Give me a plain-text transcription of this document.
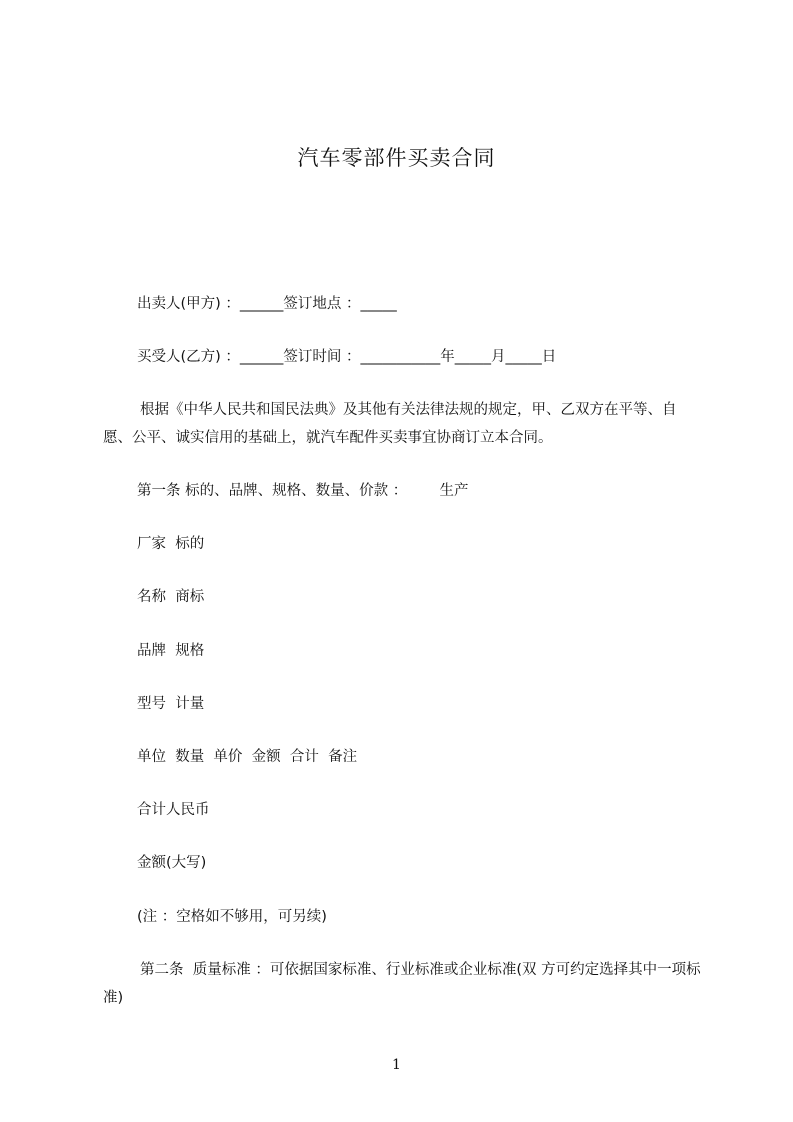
汽车零部件买卖合同
出卖人(甲方) ：______签订地点 ：_____
买受人(乙方) ：______签订时间 ：___________年_____月_____日
根据《中华人民共和国民法典》及其他有关法律法规的规定，甲、乙双方在平等、自愿、公平、诚实信用的基础上，就汽车配件买卖事宜协商订立本合同。
第一条 标的、品牌、规格、数量、价款 ：       生产
厂家  标的
名称  商标
品牌  规格
型号  计量
单位  数量  单价  金额  合计  备注
合计人民币
金额(大写)
(注 ：空格如不够用，可另续)
第二条  质量标准 ：可依据国家标准、行业标准或企业标准(双 方可约定选择其中一项标准)
1
